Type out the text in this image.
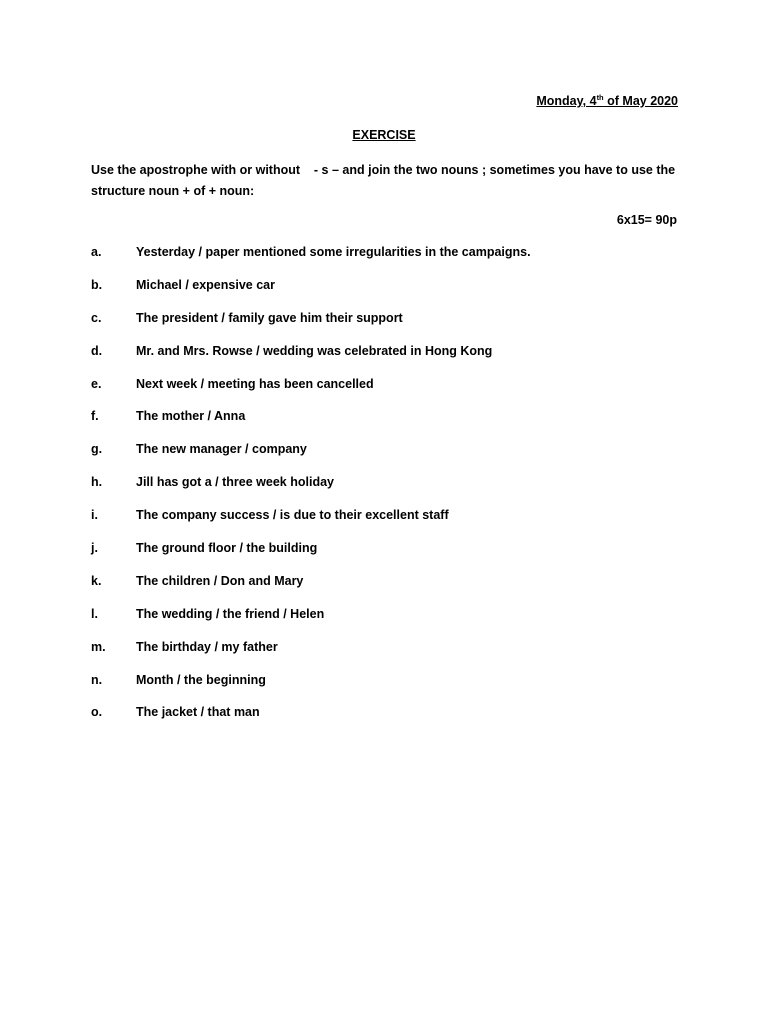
Monday, 4th of May 2020
EXERCISE
Use the apostrophe with or without    - s – and join the two nouns ; sometimes you have to use the
structure noun + of + noun:
6x15= 90p
a.	Yesterday / paper mentioned some irregularities in the campaigns.
b.	Michael / expensive car
c.	The president / family gave him their support
d.	Mr. and Mrs. Rowse / wedding was celebrated in Hong Kong
e.	Next week / meeting has been cancelled
f.	The mother / Anna
g.	The new manager / company
h.	Jill has got a / three week holiday
i.	The company success / is due to their excellent staff
j.	The ground floor / the building
k.	The children / Don and Mary
l.	The wedding / the friend / Helen
m.	The birthday / my father
n.	Month / the beginning
o.	The jacket / that man
